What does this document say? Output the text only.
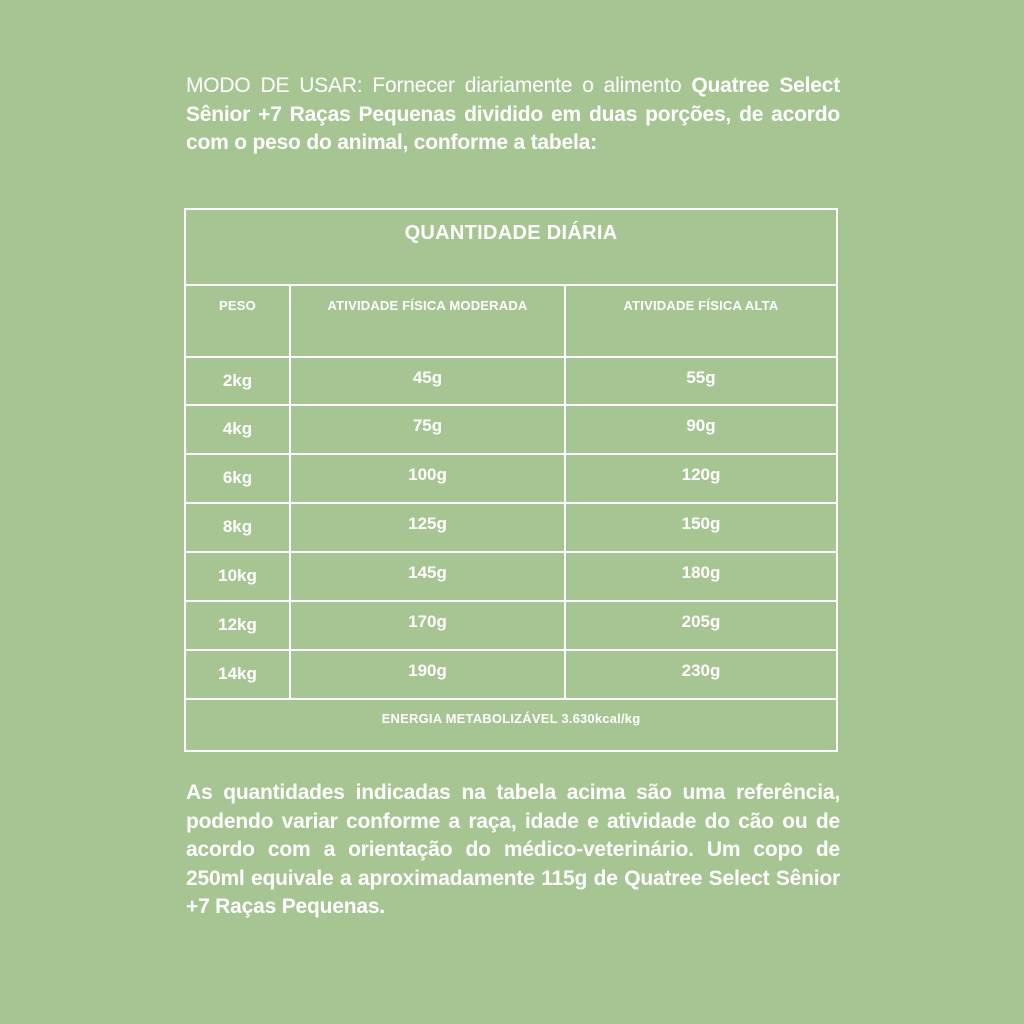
MODO DE USAR: Fornecer diariamente o alimento Quatree Select Sênior +7 Raças Pequenas dividido em duas porções, de acordo com o peso do animal, conforme a tabela:
QUANTIDADE DIÁRIA
PESO	ATIVIDADE FÍSICA MODERADA	ATIVIDADE FÍSICA ALTA
2kg	45g	55g
4kg	75g	90g
6kg	100g	120g
8kg	125g	150g
10kg	145g	180g
12kg	170g	205g
14kg	190g	230g
ENERGIA METABOLIZÁVEL 3.630kcal/kg
As quantidades indicadas na tabela acima são uma referência, podendo variar conforme a raça, idade e atividade do cão ou de acordo com a orientação do médico-veterinário. Um copo de 250ml equivale a aproximadamente 115g de Quatree Select Sênior +7 Raças Pequenas.
